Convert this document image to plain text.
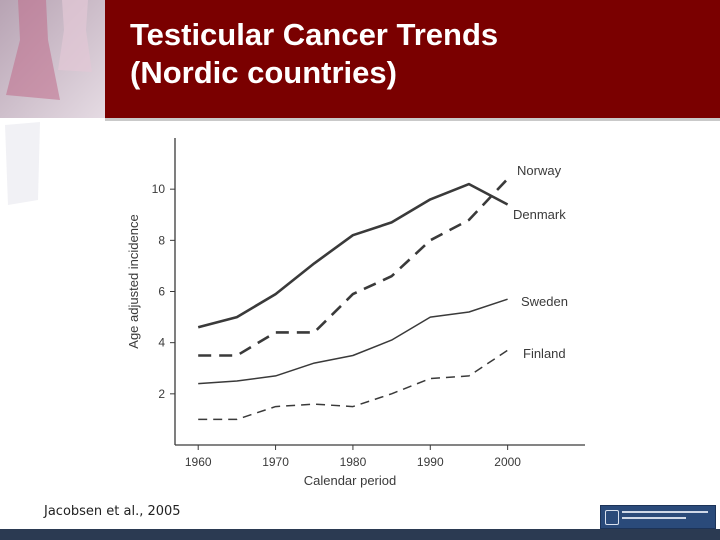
Testicular Cancer Trends
(Nordic countries)
1960	1970	1980	1990	2000
2
4
6
8
10
Calendar period
Age adjusted incidence	Denmark
Norway
Sweden
Finland
Jacobsen et al., 2005
